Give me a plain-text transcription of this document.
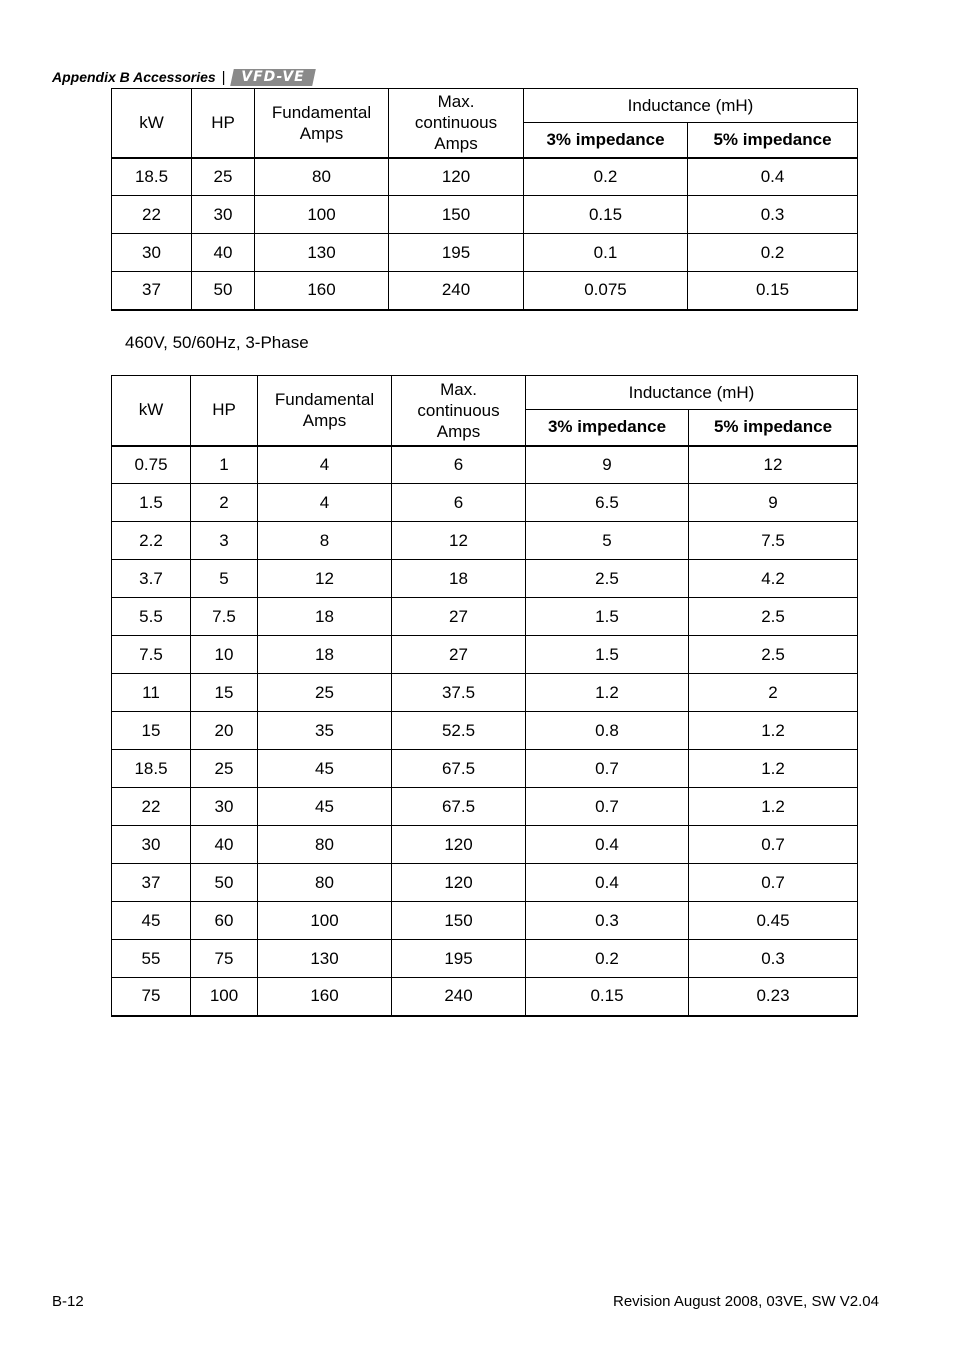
Appendix B Accessories |	VFD-VE
kW	HP	Fundamental Amps	Max. continuous Amps	Inductance (mH)	
				3% impedance	5% impedance
18.5	25	80	120	0.2	0.4
22	30	100	150	0.15	0.3
30	40	130	195	0.1	0.2
37	50	160	240	0.075	0.15
460V, 50/60Hz, 3-Phase
kW	HP	Fundamental Amps	Max. continuous Amps	Inductance (mH)	
				3% impedance	5% impedance
0.75	1	4	6	9	12
1.5	2	4	6	6.5	9
2.2	3	8	12	5	7.5
3.7	5	12	18	2.5	4.2
5.5	7.5	18	27	1.5	2.5
7.5	10	18	27	1.5	2.5
11	15	25	37.5	1.2	2
15	20	35	52.5	0.8	1.2
18.5	25	45	67.5	0.7	1.2
22	30	45	67.5	0.7	1.2
30	40	80	120	0.4	0.7
37	50	80	120	0.4	0.7
45	60	100	150	0.3	0.45
55	75	130	195	0.2	0.3
75	100	160	240	0.15	0.23
B-12	Revision August 2008, 03VE, SW V2.04
